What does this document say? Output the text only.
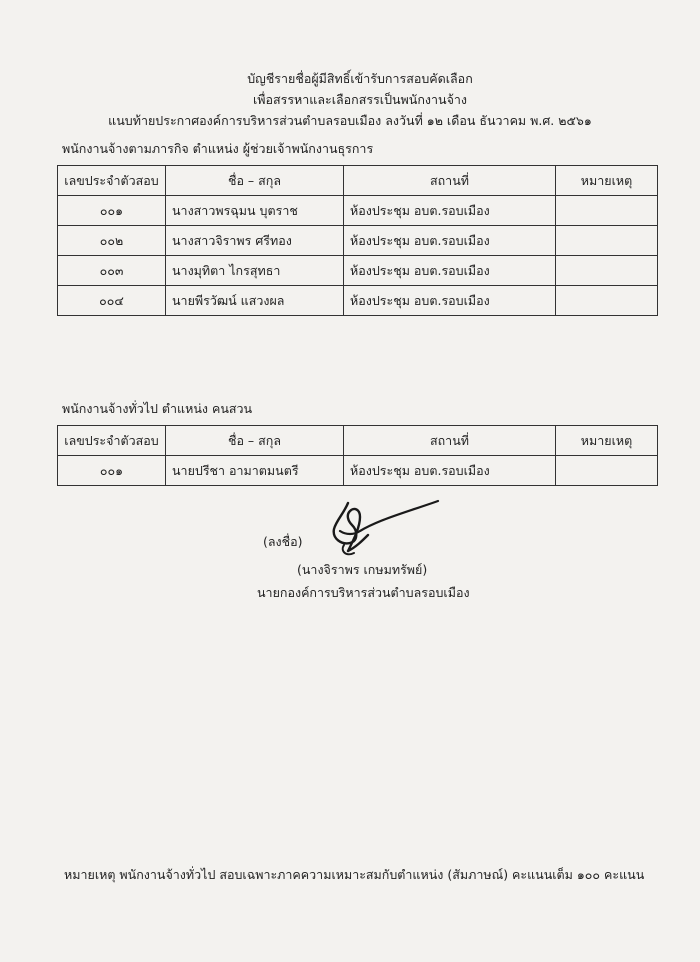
บัญชีรายชื่อผู้มีสิทธิ์เข้ารับการสอบคัดเลือก
เพื่อสรรหาและเลือกสรรเป็นพนักงานจ้าง
แนบท้ายประกาศองค์การบริหารส่วนตำบลรอบเมือง ลงวันที่ ๑๒ เดือน ธันวาคม พ.ศ. ๒๕๖๑
พนักงานจ้างตามภารกิจ ตำแหน่ง ผู้ช่วยเจ้าพนักงานธุรการ
เลขประจำตัวสอบ	ชื่อ – สกุล	สถานที่	หมายเหตุ
๐๐๑	นางสาวพรฉุมน บุตราช	ห้องประชุม อบต.รอบเมือง	
๐๐๒	นางสาวจิราพร ศรีทอง	ห้องประชุม อบต.รอบเมือง	
๐๐๓	นางมุทิตา ไกรสุทธา	ห้องประชุม อบต.รอบเมือง	
๐๐๔	นายพีรวัฒน์ แสวงผล	ห้องประชุม อบต.รอบเมือง	
พนักงานจ้างทั่วไป ตำแหน่ง คนสวน
เลขประจำตัวสอบ	ชื่อ – สกุล	สถานที่	หมายเหตุ
๐๐๑	นายปรีชา อามาตมนตรี	ห้องประชุม อบต.รอบเมือง	
(ลงชื่อ)
(นางจิราพร เกษมทรัพย์)
นายกองค์การบริหารส่วนตำบลรอบเมือง
หมายเหตุ พนักงานจ้างทั่วไป สอบเฉพาะภาคความเหมาะสมกับตำแหน่ง (สัมภาษณ์) คะแนนเต็ม ๑๐๐ คะแนน
